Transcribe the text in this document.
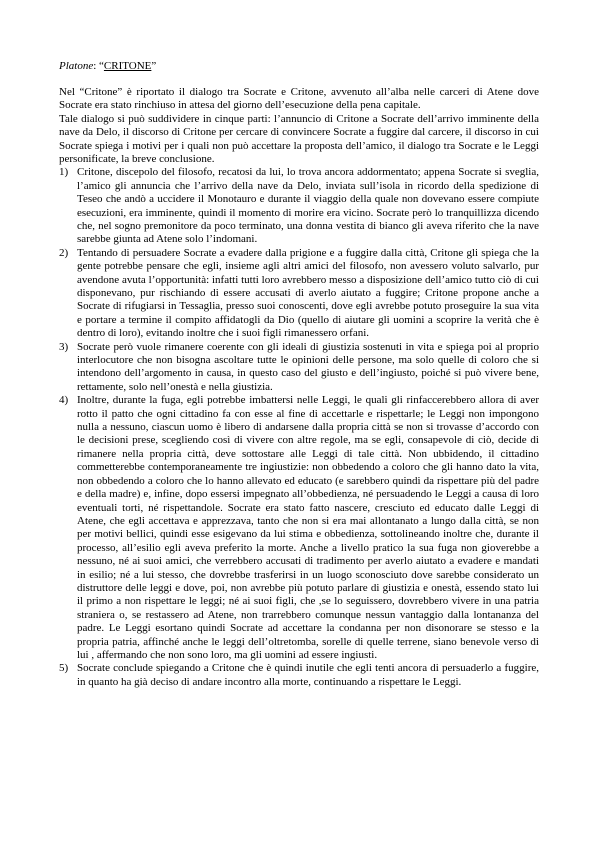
Platone: “CRITONE”

Nel “Critone” è riportato il dialogo tra Socrate e Critone, avvenuto all’alba nelle carceri di Atene dove Socrate era stato rinchiuso in attesa del giorno dell’esecuzione della pena capitale.

Tale dialogo si può suddividere in cinque parti: l’annuncio di Critone a Socrate dell’arrivo imminente della nave da Delo, il discorso di Critone per cercare di convincere Socrate a fuggire dal carcere, il discorso in cui Socrate spiega i motivi per i quali non può accettare la proposta dell’amico, il dialogo tra Socrate e le Leggi personificate, la breve conclusione.

1) Critone, discepolo del filosofo, recatosi da lui, lo trova ancora addormentato; appena Socrate si sveglia, l’amico gli annuncia che l’arrivo della nave da Delo, inviata sull’isola in ricordo della spedizione di Teseo che andò a uccidere il Monotauro e durante il viaggio della quale non dovevano essere compiute esecuzioni, era imminente, quindi il momento di morire era vicino. Socrate però lo tranquillizza dicendo che, nel sogno premonitore da poco terminato, una donna vestita di bianco gli aveva riferito che la nave sarebbe giunta ad Atene solo l’indomani.
2) Tentando di persuadere Socrate a evadere dalla prigione e a fuggire dalla città, Critone gli spiega che la gente potrebbe pensare che egli, insieme agli altri amici del filosofo, non avessero voluto salvarlo, pur avendone avuta l’opportunità: infatti tutti loro avrebbero messo a disposizione dell’amico tutto ciò di cui disponevano, pur rischiando di essere accusati di averlo aiutato a fuggire; Critone propone anche a Socrate di rifugiarsi in Tessaglia, presso suoi conoscenti, dove egli avrebbe potuto proseguire la sua vita e portare a termine il compito affidatogli da Dio (quello di aiutare gli uomini a scoprire la verità che è dentro di loro), evitando inoltre che i suoi figli rimanessero orfani.
3) Socrate però vuole rimanere coerente con gli ideali di giustizia sostenuti in vita e spiega poi al proprio interlocutore che non bisogna ascoltare tutte le opinioni delle persone, ma solo quelle di coloro che si intendono dell’argomento in causa, in questo caso del giusto e dell’ingiusto, poiché si può vivere bene, rettamente, solo nell’onestà e nella giustizia.
4) Inoltre, durante la fuga, egli potrebbe imbattersi nelle Leggi, le quali gli rinfaccerebbero allora di aver rotto il patto che ogni cittadino fa con esse al fine di accettarle e rispettarle; le Leggi non impongono nulla a nessuno, ciascun uomo è libero di andarsene dalla propria città se non si trovasse d’accordo con le decisioni prese, scegliendo così di vivere con altre regole, ma se egli, consapevole di ciò, decide di rimanere nella propria città, deve sottostare alle Leggi di tale città. Non ubbidendo, il cittadino commetterebbe contemporaneamente tre ingiustizie: non obbedendo a coloro che gli hanno dato la vita, non obbedendo a coloro che lo hanno allevato ed educato (e sarebbero quindi da rispettare più del padre e della madre) e, infine, dopo essersi impegnato all’obbedienza, né persuadendo le Leggi a causa di loro eventuali torti, né rispettandole. Socrate era stato fatto nascere, cresciuto ed educato dalle Leggi di Atene, che egli accettava e apprezzava, tanto che non si era mai allontanato a lungo dalla città, se non per motivi bellici, quindi esse esigevano da lui stima e obbedienza, sottolineando inoltre che, durante il processo, all’esilio egli aveva preferito la morte. Anche a livello pratico la sua fuga non gioverebbe a nessuno, né ai suoi amici, che verrebbero accusati di tradimento per averlo aiutato a evadere e mandati in esilio; né a lui stesso, che dovrebbe trasferirsi in un luogo sconosciuto dove sarebbe considerato un distruttore delle leggi e dove, poi, non avrebbe più potuto parlare di giustizia e onestà, essendo stato lui il primo a non rispettare le leggi; né ai suoi figli, che ,se lo seguissero, dovrebbero vivere in una patria straniera o, se restassero ad Atene, non trarrebbero comunque nessun vantaggio dalla lontananza del padre. Le Leggi esortano quindi Socrate ad accettare la condanna per non disonorare se stesso e la propria patria, affinché anche le leggi dell’oltretomba, sorelle di quelle terrene, siano benevole verso di lui , affermando che non sono loro, ma gli uomini ad essere ingiusti.
5) Socrate conclude spiegando a Critone che è quindi inutile che egli tenti ancora di persuaderlo a fuggire, in quanto ha già deciso di andare incontro alla morte, continuando a rispettare le Leggi.
